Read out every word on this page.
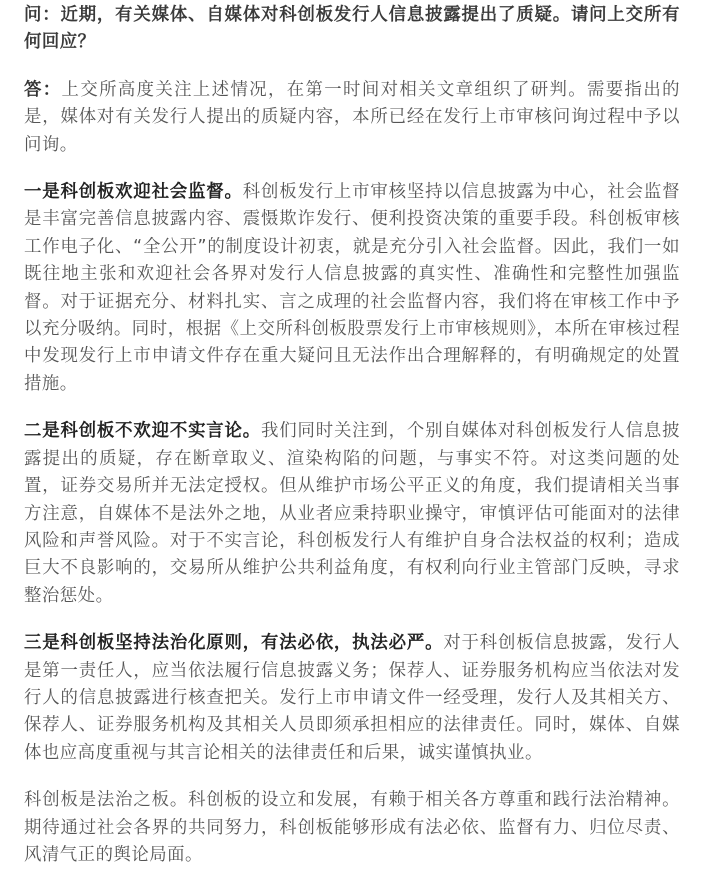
问：近期，有关媒体、自媒体对科创板发行人信息披露提出了质疑。请问上交所有何回应？

答：上交所高度关注上述情况，在第一时间对相关文章组织了研判。需要指出的是，媒体对有关发行人提出的质疑内容，本所已经在发行上市审核问询过程中予以问询。

一是科创板欢迎社会监督。科创板发行上市审核坚持以信息披露为中心，社会监督是丰富完善信息披露内容、震慑欺诈发行、便利投资决策的重要手段。科创板审核工作电子化、“全公开”的制度设计初衷，就是充分引入社会监督。因此，我们一如既往地主张和欢迎社会各界对发行人信息披露的真实性、准确性和完整性加强监督。对于证据充分、材料扎实、言之成理的社会监督内容，我们将在审核工作中予以充分吸纳。同时，根据《上交所科创板股票发行上市审核规则》，本所在审核过程中发现发行上市申请文件存在重大疑问且无法作出合理解释的，有明确规定的处置措施。

二是科创板不欢迎不实言论。我们同时关注到，个别自媒体对科创板发行人信息披露提出的质疑，存在断章取义、渲染构陷的问题，与事实不符。对这类问题的处置，证券交易所并无法定授权。但从维护市场公平正义的角度，我们提请相关当事方注意，自媒体不是法外之地，从业者应秉持职业操守，审慎评估可能面对的法律风险和声誉风险。对于不实言论，科创板发行人有维护自身合法权益的权利；造成巨大不良影响的，交易所从维护公共利益角度，有权利向行业主管部门反映，寻求整治惩处。

三是科创板坚持法治化原则，有法必依，执法必严。对于科创板信息披露，发行人是第一责任人，应当依法履行信息披露义务；保荐人、证券服务机构应当依法对发行人的信息披露进行核查把关。发行上市申请文件一经受理，发行人及其相关方、保荐人、证券服务机构及其相关人员即须承担相应的法律责任。同时，媒体、自媒体也应高度重视与其言论相关的法律责任和后果，诚实谨慎执业。

科创板是法治之板。科创板的设立和发展，有赖于相关各方尊重和践行法治精神。期待通过社会各界的共同努力，科创板能够形成有法必依、监督有力、归位尽责、风清气正的舆论局面。
